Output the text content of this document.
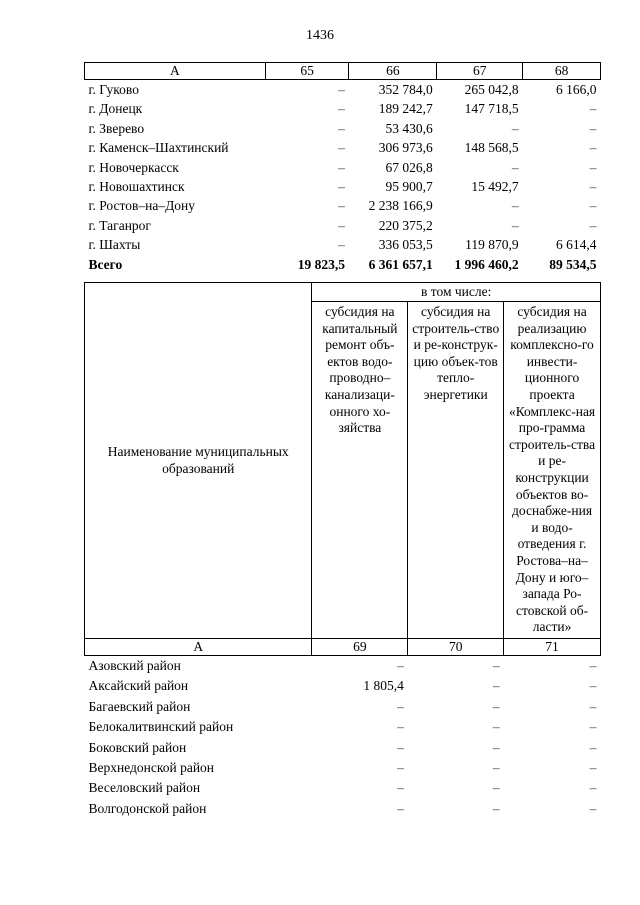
1436
А	65	66	67	68
г. Гуково	–	352 784,0	265 042,8	6 166,0
г. Донецк	–	189 242,7	147 718,5	–
г. Зверево	–	53 430,6	–	–
г. Каменск–Шахтинский	–	306 973,6	148 568,5	–
г. Новочеркасск	–	67 026,8	–	–
г. Новошахтинск	–	95 900,7	15 492,7	–
г. Ростов–на–Дону	–	2 238 166,9	–	–
г. Таганрог	–	220 375,2	–	–
г. Шахты	–	336 053,5	119 870,9	6 614,4
Всего	19 823,5	6 361 657,1	1 996 460,2	89 534,5
Наименование муниципальных образований	в том числе:		
	субсидия на капитальный ремонт объ-ектов водо-проводно–канализаци-онного хо-зяйства	субсидия на строитель-ство и ре-конструк-цию объек-тов тепло-энергетики	субсидия на реализацию комплексно-го инвести-ционного проекта «Комплекс-ная про-грамма строитель-ства и ре-конструкции объектов во-доснабже-ния и водо-отведения г. Ростова–на–Дону и юго–запада Ро-стовской об-ласти»
А	69	70	71
Азовский район	–	–	–
Аксайский район	1 805,4	–	–
Багаевский район	–	–	–
Белокалитвинский район	–	–	–
Боковский район	–	–	–
Верхнедонской район	–	–	–
Веселовский район	–	–	–
Волгодонской район	–	–	–
